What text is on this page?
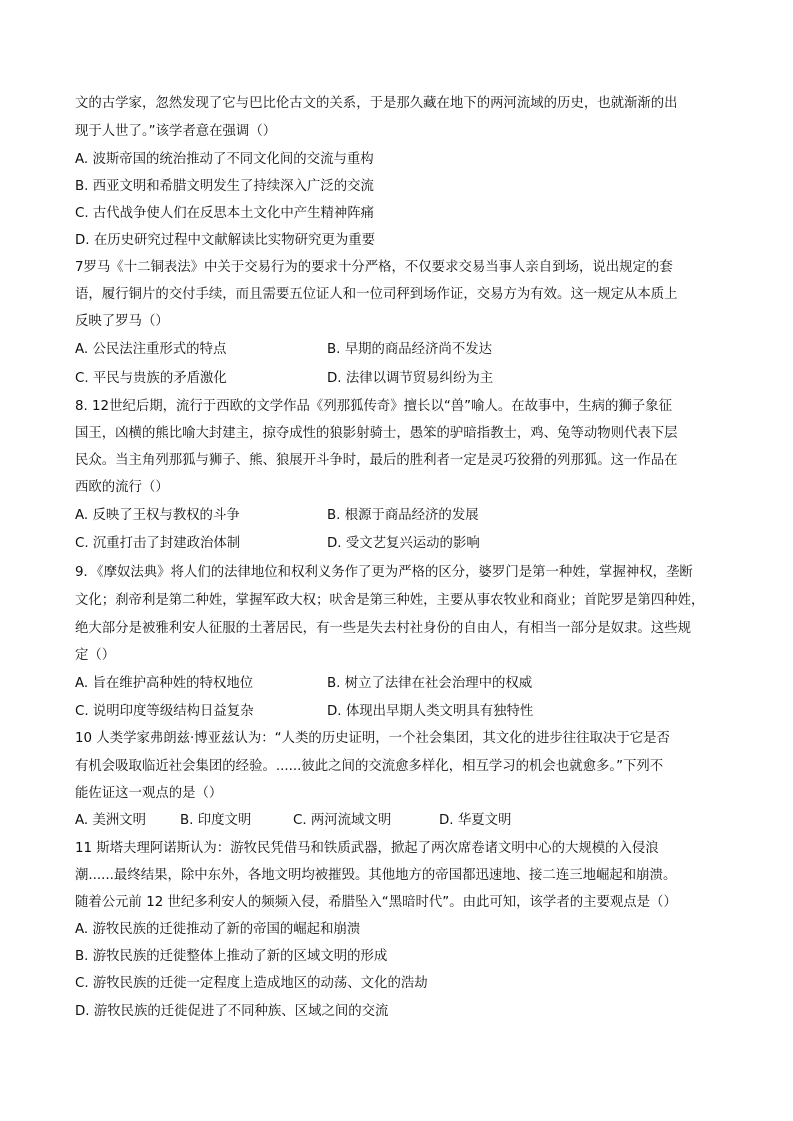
文的古学家，忽然发现了它与巴比伦古文的关系，于是那久藏在地下的两河流域的历史，也就渐渐的出
现于人世了。”该学者意在强调（）
A. 波斯帝国的统治推动了不同文化间的交流与重构
B. 西亚文明和希腊文明发生了持续深入广泛的交流
C. 古代战争使人们在反思本土文化中产生精神阵痛
D. 在历史研究过程中文献解读比实物研究更为重要
7罗马《十二铜表法》中关于交易行为的要求十分严格，不仅要求交易当事人亲自到场，说出规定的套
语，履行铜片的交付手续，而且需要五位证人和一位司秤到场作证，交易方为有效。这一规定从本质上
反映了罗马（）
A. 公民法注重形式的特点	B. 早期的商品经济尚不发达
C. 平民与贵族的矛盾激化	D. 法律以调节贸易纠纷为主
8. 12世纪后期，流行于西欧的文学作品《列那狐传奇》擅长以“兽”喻人。在故事中，生病的狮子象征
国王，凶横的熊比喻大封建主，掠夺成性的狼影射骑士，愚笨的驴暗指教士，鸡、兔等动物则代表下层
民众。当主角列那狐与狮子、熊、狼展开斗争时，最后的胜利者一定是灵巧狡猾的列那狐。这一作品在
西欧的流行（）
A. 反映了王权与教权的斗争	B. 根源于商品经济的发展
C. 沉重打击了封建政治体制	D. 受文艺复兴运动的影响
9．《摩奴法典》将人们的法律地位和权利义务作了更为严格的区分，婆罗门是第一种姓，掌握神权，垄断
文化；刹帝利是第二种姓，掌握军政大权；吠舍是第三种姓，主要从事农牧业和商业；首陀罗是第四种姓，
绝大部分是被雅利安人征服的土著居民，有一些是失去村社身份的自由人，有相当一部分是奴隶。这些规
定（）
A. 旨在维护高种姓的特权地位	B. 树立了法律在社会治理中的权威
C. 说明印度等级结构日益复杂	D. 体现出早期人类文明具有独特性
10 人类学家弗朗兹·博亚兹认为：“人类的历史证明，一个社会集团，其文化的进步往往取决于它是否
有机会吸取临近社会集团的经验。......彼此之间的交流愈多样化，相互学习的机会也就愈多。”下列不
能佐证这一观点的是（）
A. 美洲文明	B. 印度文明	C. 两河流域文明	D. 华夏文明
11 斯塔夫理阿诺斯认为：游牧民凭借马和铁质武器，掀起了两次席卷诸文明中心的大规模的入侵浪
潮......最终结果，除中东外，各地文明均被摧毁。其他地方的帝国都迅速地、接二连三地崛起和崩溃。
随着公元前 12 世纪多利安人的频频入侵，希腊坠入“黑暗时代”。由此可知，该学者的主要观点是（）
A. 游牧民族的迁徙推动了新的帝国的崛起和崩溃
B. 游牧民族的迁徙整体上推动了新的区域文明的形成
C. 游牧民族的迁徙一定程度上造成地区的动荡、文化的浩劫
D. 游牧民族的迁徙促进了不同种族、区域之间的交流
